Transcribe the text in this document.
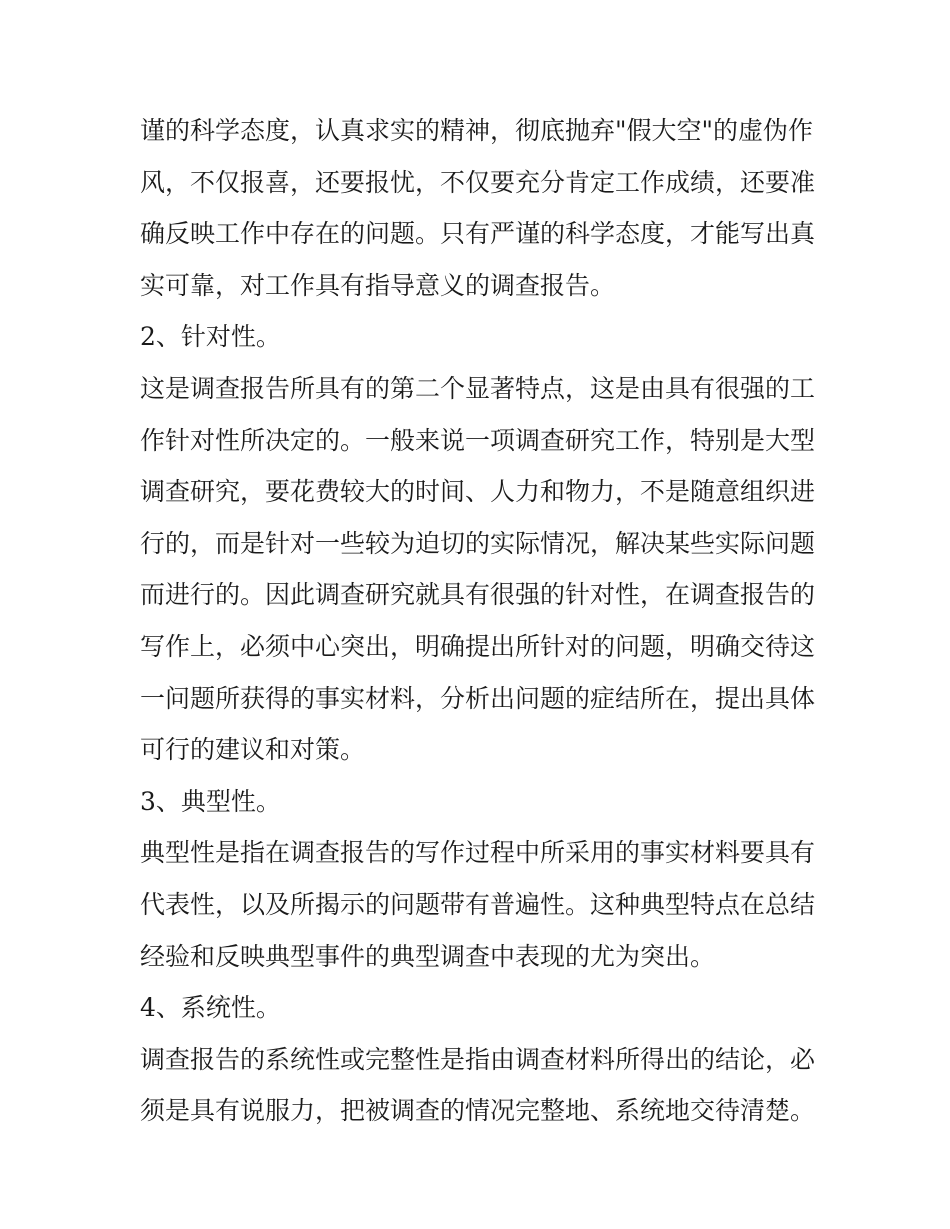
谨的科学态度，认真求实的精神，彻底抛弃"假大空"的虚伪作
风，不仅报喜，还要报忧，不仅要充分肯定工作成绩，还要准
确反映工作中存在的问题。只有严谨的科学态度，才能写出真
实可靠，对工作具有指导意义的调查报告。
2、针对性。
这是调查报告所具有的第二个显著特点，这是由具有很强的工
作针对性所决定的。一般来说一项调查研究工作，特别是大型
调查研究，要花费较大的时间、人力和物力，不是随意组织进
行的，而是针对一些较为迫切的实际情况，解决某些实际问题
而进行的。因此调查研究就具有很强的针对性，在调查报告的
写作上，必须中心突出，明确提出所针对的问题，明确交待这
一问题所获得的事实材料，分析出问题的症结所在，提出具体
可行的建议和对策。
3、典型性。
典型性是指在调查报告的写作过程中所采用的事实材料要具有
代表性，以及所揭示的问题带有普遍性。这种典型特点在总结
经验和反映典型事件的典型调查中表现的尤为突出。
4、系统性。
调查报告的系统性或完整性是指由调查材料所得出的结论，必
须是具有说服力，把被调查的情况完整地、系统地交待清楚。
